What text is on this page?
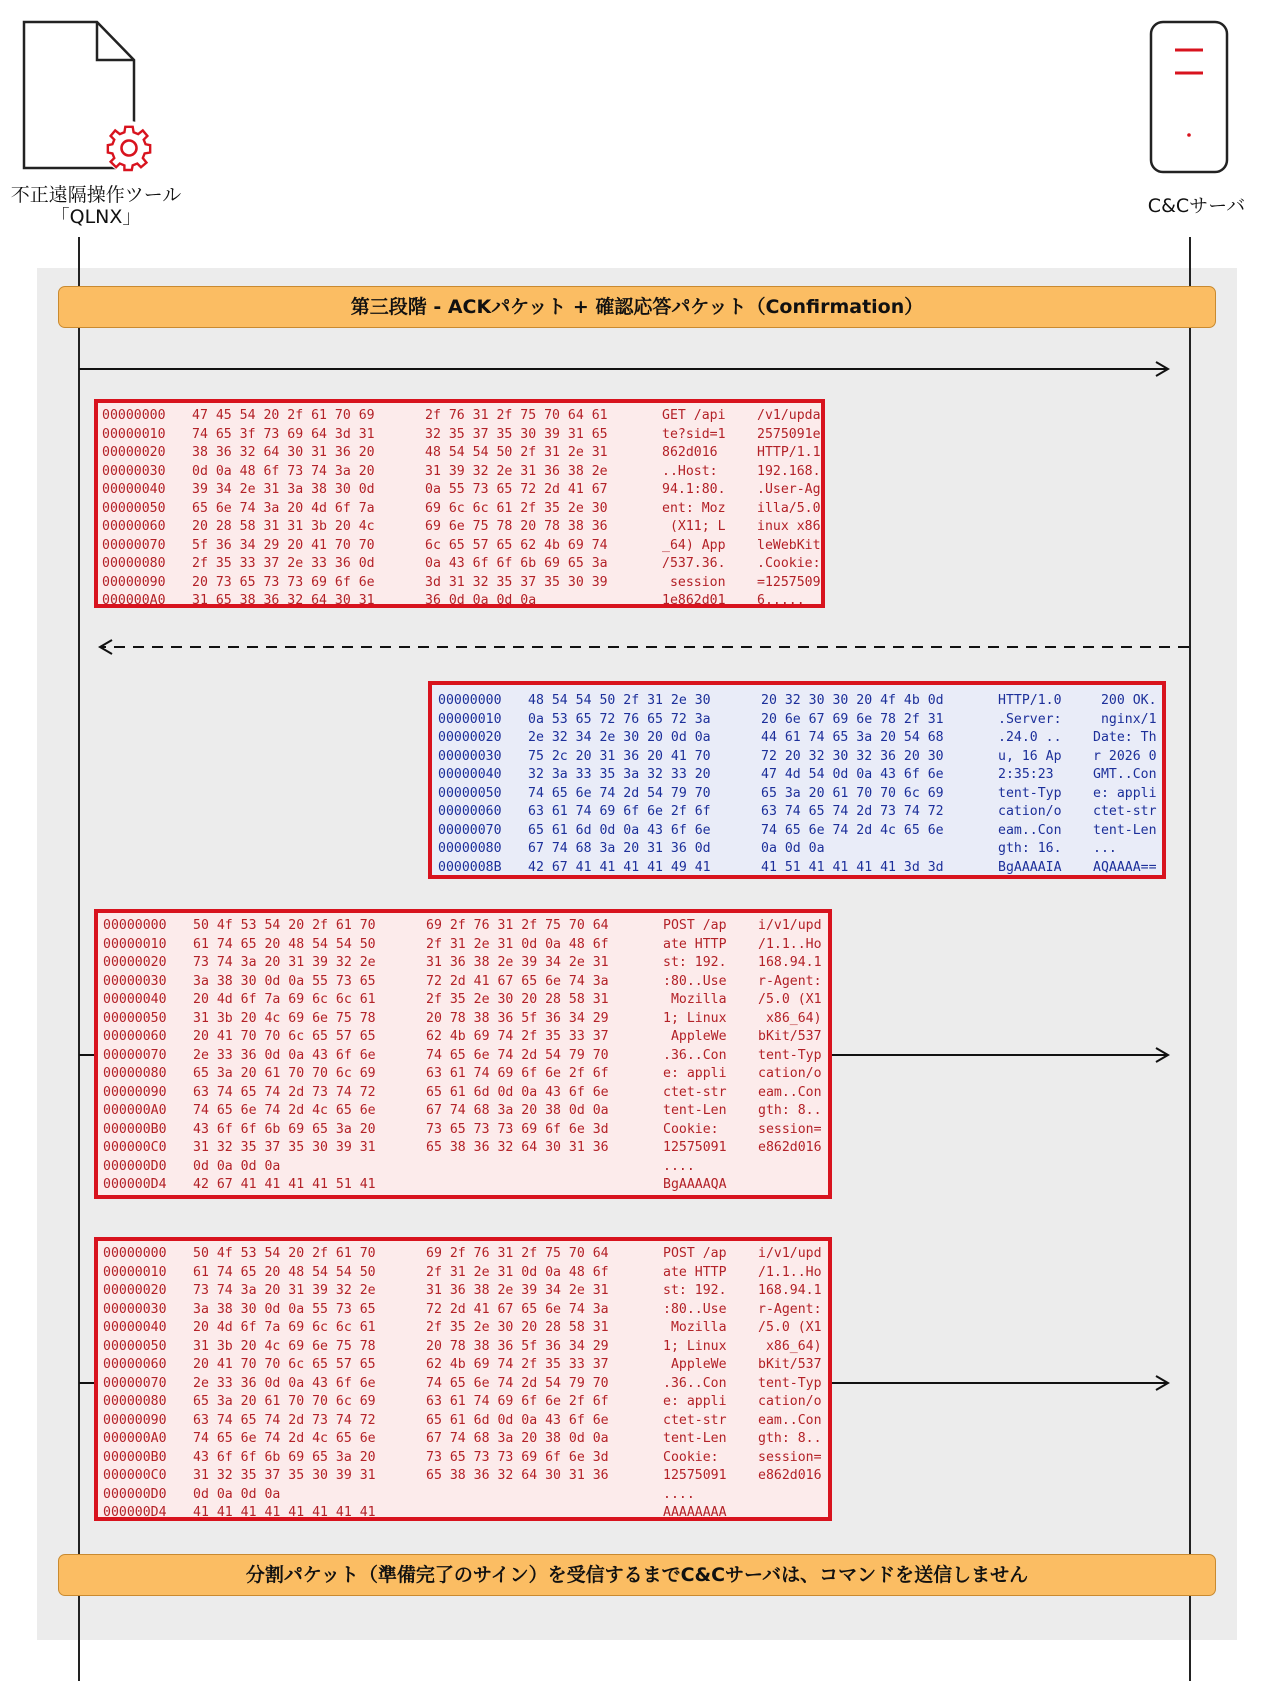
不正遠隔操作ツール
「QLNX」	C&Cサーバ
第三段階 - ACKパケット + 確認応答パケット（Confirmation）
00000000 47 45 54 20 2f 61 70 69	2f 76 31 2f 75 70 64 61	GET /api /v1/upda
00000010 74 65 3f 73 69 64 3d 31	32 35 37 35 30 39 31 65	te?sid=1 2575091e
00000020 38 36 32 64 30 31 36 20	48 54 54 50 2f 31 2e 31	862d016 HTTP/1.1
00000030 0d 0a 48 6f 73 74 3a 20	31 39 32 2e 31 36 38 2e	..Host: 192.168.
00000040 39 34 2e 31 3a 38 30 0d	0a 55 73 65 72 2d 41 67	94.1:80. .User-Ag
00000050 65 6e 74 3a 20 4d 6f 7a	69 6c 6c 61 2f 35 2e 30	ent: Moz illa/5.0
00000060 20 28 58 31 31 3b 20 4c	69 6e 75 78 20 78 38 36	(X11; L inux x86
00000070 5f 36 34 29 20 41 70 70	6c 65 57 65 62 4b 69 74	_64) App leWebKit
00000080 2f 35 33 37 2e 33 36 0d	0a 43 6f 6f 6b 69 65 3a	/537.36. .Cookie:
00000090 20 73 65 73 73 69 6f 6e	3d 31 32 35 37 35 30 39	session =1257509
000000A0 31 65 38 36 32 64 30 31	36 0d 0a 0d 0a	1e862d01 6.....
00000000 48 54 54 50 2f 31 2e 30	20 32 30 30 20 4f 4b 0d	HTTP/1.0 200 OK.
00000010 0a 53 65 72 76 65 72 3a	20 6e 67 69 6e 78 2f 31	.Server: nginx/1
00000020 2e 32 34 2e 30 20 0d 0a	44 61 74 65 3a 20 54 68	.24.0 .. Date: Th
00000030 75 2c 20 31 36 20 41 70	72 20 32 30 32 36 20 30	u, 16 Ap r 2026 0
00000040 32 3a 33 35 3a 32 33 20	47 4d 54 0d 0a 43 6f 6e	2:35:23 GMT..Con
00000050 74 65 6e 74 2d 54 79 70	65 3a 20 61 70 70 6c 69	tent-Typ e: appli
00000060 63 61 74 69 6f 6e 2f 6f	63 74 65 74 2d 73 74 72	cation/o ctet-str
00000070 65 61 6d 0d 0a 43 6f 6e	74 65 6e 74 2d 4c 65 6e	eam..Con tent-Len
00000080 67 74 68 3a 20 31 36 0d	0a 0d 0a	gth: 16. ...
0000008B 42 67 41 41 41 41 49 41	41 51 41 41 41 41 3d 3d	BgAAAAIA AQAAAA==
00000000 50 4f 53 54 20 2f 61 70	69 2f 76 31 2f 75 70 64	POST /ap i/v1/upd
00000010 61 74 65 20 48 54 54 50	2f 31 2e 31 0d 0a 48 6f	ate HTTP /1.1..Ho
00000020 73 74 3a 20 31 39 32 2e	31 36 38 2e 39 34 2e 31	st: 192. 168.94.1
00000030 3a 38 30 0d 0a 55 73 65	72 2d 41 67 65 6e 74 3a	:80..Use r-Agent:
00000040 20 4d 6f 7a 69 6c 6c 61	2f 35 2e 30 20 28 58 31	Mozilla /5.0 (X1
00000050 31 3b 20 4c 69 6e 75 78	20 78 38 36 5f 36 34 29	1; Linux x86_64)
00000060 20 41 70 70 6c 65 57 65	62 4b 69 74 2f 35 33 37	AppleWe bKit/537
00000070 2e 33 36 0d 0a 43 6f 6e	74 65 6e 74 2d 54 79 70	.36..Con tent-Typ
00000080 65 3a 20 61 70 70 6c 69	63 61 74 69 6f 6e 2f 6f	e: appli cation/o
00000090 63 74 65 74 2d 73 74 72	65 61 6d 0d 0a 43 6f 6e	ctet-str eam..Con
000000A0 74 65 6e 74 2d 4c 65 6e	67 74 68 3a 20 38 0d 0a	tent-Len gth: 8..
000000B0 43 6f 6f 6b 69 65 3a 20	73 65 73 73 69 6f 6e 3d	Cookie: session=
000000C0 31 32 35 37 35 30 39 31	65 38 36 32 64 30 31 36	12575091 e862d016
000000D0 0d 0a 0d 0a	....
000000D4 42 67 41 41 41 41 51 41	BgAAAAQA
00000000 50 4f 53 54 20 2f 61 70	69 2f 76 31 2f 75 70 64	POST /ap i/v1/upd
00000010 61 74 65 20 48 54 54 50	2f 31 2e 31 0d 0a 48 6f	ate HTTP /1.1..Ho
00000020 73 74 3a 20 31 39 32 2e	31 36 38 2e 39 34 2e 31	st: 192. 168.94.1
00000030 3a 38 30 0d 0a 55 73 65	72 2d 41 67 65 6e 74 3a	:80..Use r-Agent:
00000040 20 4d 6f 7a 69 6c 6c 61	2f 35 2e 30 20 28 58 31	Mozilla /5.0 (X1
00000050 31 3b 20 4c 69 6e 75 78	20 78 38 36 5f 36 34 29	1; Linux x86_64)
00000060 20 41 70 70 6c 65 57 65	62 4b 69 74 2f 35 33 37	AppleWe bKit/537
00000070 2e 33 36 0d 0a 43 6f 6e	74 65 6e 74 2d 54 79 70	.36..Con tent-Typ
00000080 65 3a 20 61 70 70 6c 69	63 61 74 69 6f 6e 2f 6f	e: appli cation/o
00000090 63 74 65 74 2d 73 74 72	65 61 6d 0d 0a 43 6f 6e	ctet-str eam..Con
000000A0 74 65 6e 74 2d 4c 65 6e	67 74 68 3a 20 38 0d 0a	tent-Len gth: 8..
000000B0 43 6f 6f 6b 69 65 3a 20	73 65 73 73 69 6f 6e 3d	Cookie: session=
000000C0 31 32 35 37 35 30 39 31	65 38 36 32 64 30 31 36	12575091 e862d016
000000D0 0d 0a 0d 0a	....
000000D4 41 41 41 41 41 41 41 41	AAAAAAAA
分割パケット（準備完了のサイン）を受信するまでC&Cサーバは、コマンドを送信しません
